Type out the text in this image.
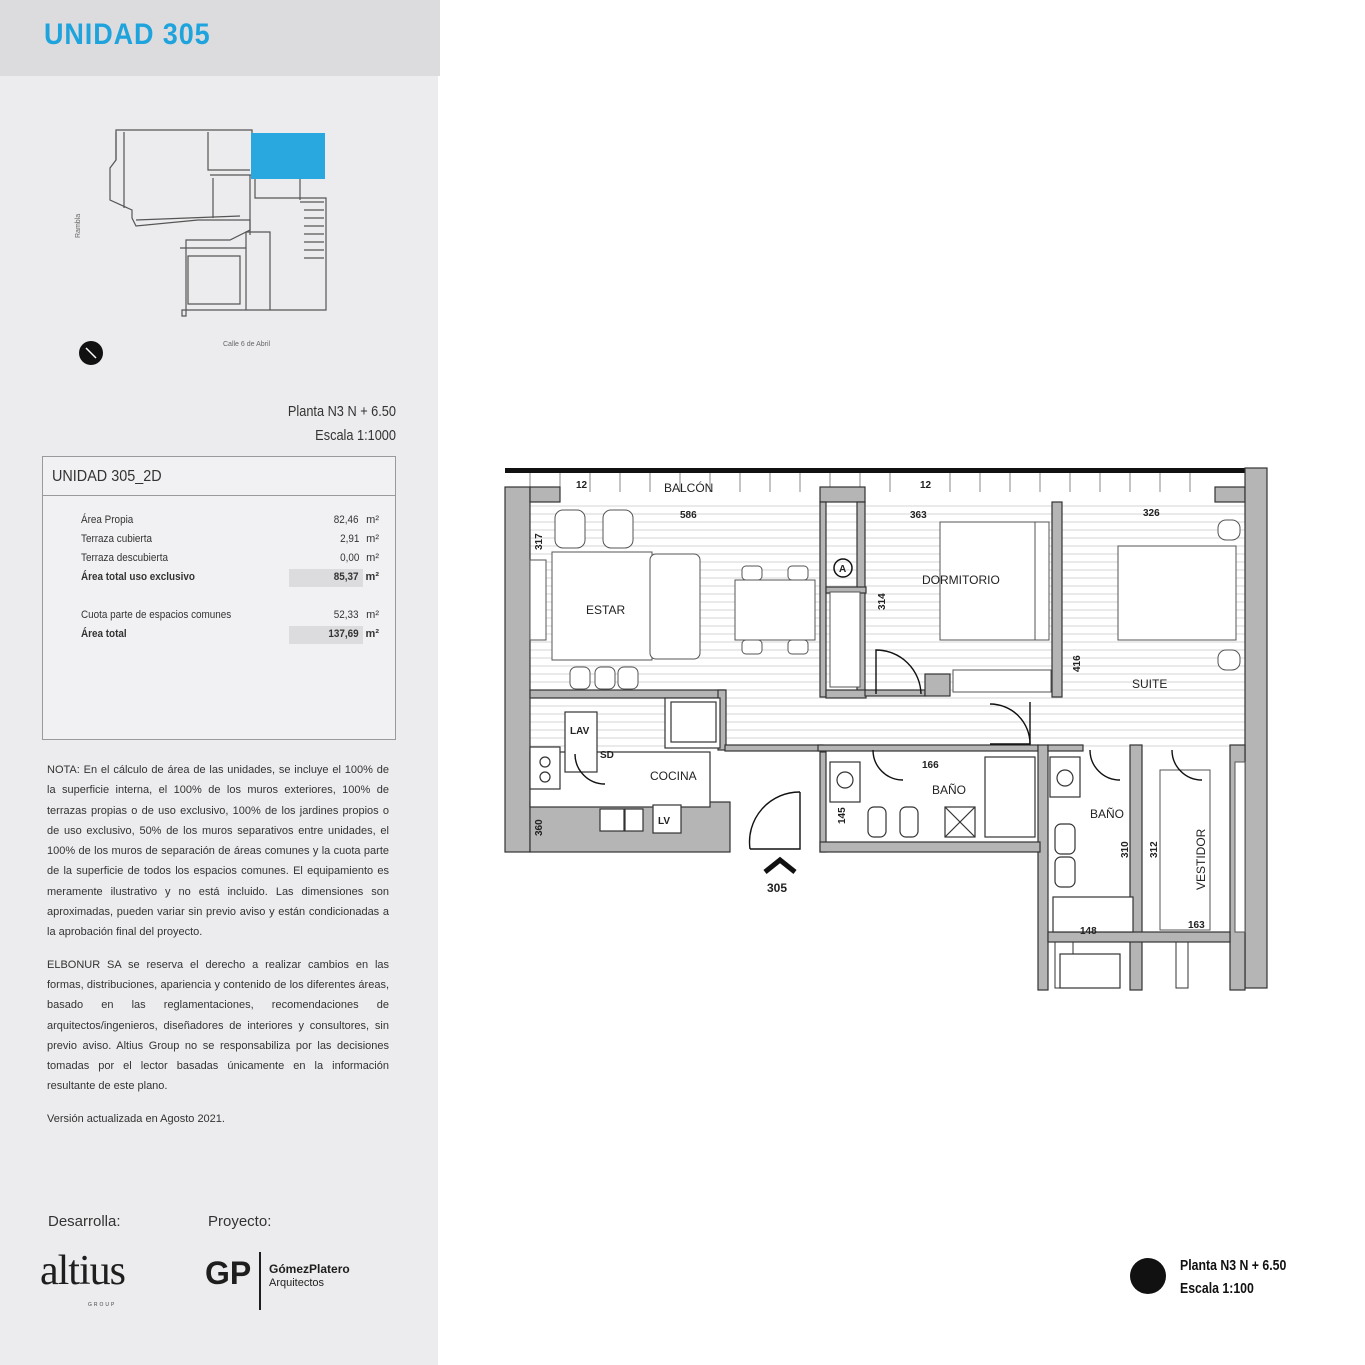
UNIDAD 305
Rambla
Calle 6 de Abril
Planta N3 N + 6.50
Escala 1:1000
UNIDAD 305_2D
Área Propia	82,46 m²
Terraza cubierta	2,91 m²
Terraza descubierta	0,00 m²
Área total uso exclusivo	85,37 m²
Cuota parte de espacios comunes	52,33 m²
Área total	137,69 m²

NOTA: En el cálculo de área de las unidades, se incluye el 100% de la superficie interna, el 100% de los muros exteriores, 100% de terrazas propias o de uso exclusivo, 100% de los jardines propios o de uso exclusivo, 50% de los muros separativos entre unidades, el 100% de los muros de separación de áreas comunes y la cuota parte de la superficie de todos los espacios comunes. El equipamiento es meramente ilustrativo y no está incluido. Las dimensiones son aproximadas, pueden variar sin previo aviso y están condicionadas a la aprobación final del proyecto.

ELBONUR SA se reserva el derecho a realizar cambios en las formas, distribuciones, apariencia y contenido de los diferentes áreas, basado en las reglamentaciones, recomendaciones de arquitectos/ingenieros, diseñadores de interiores y consultores, sin previo aviso. Altius Group no se responsabiliza por las decisiones tomadas por el lector basadas únicamente en la información resultante de este plano.

Versión actualizada en Agosto 2021.

Desarrolla:	Proyecto:
altius
GROUP
GP GómezPlatero
Arquitectos
BALCÓN
ESTAR
COCINA
DORMITORIO
SUITE
BAÑO
BAÑO
VESTIDOR
LAV
LV
SD
A
586	363	326
12	12
317
314
416
360
166
145
310 312
148
163
305
Planta N3 N + 6.50
Escala 1:100
